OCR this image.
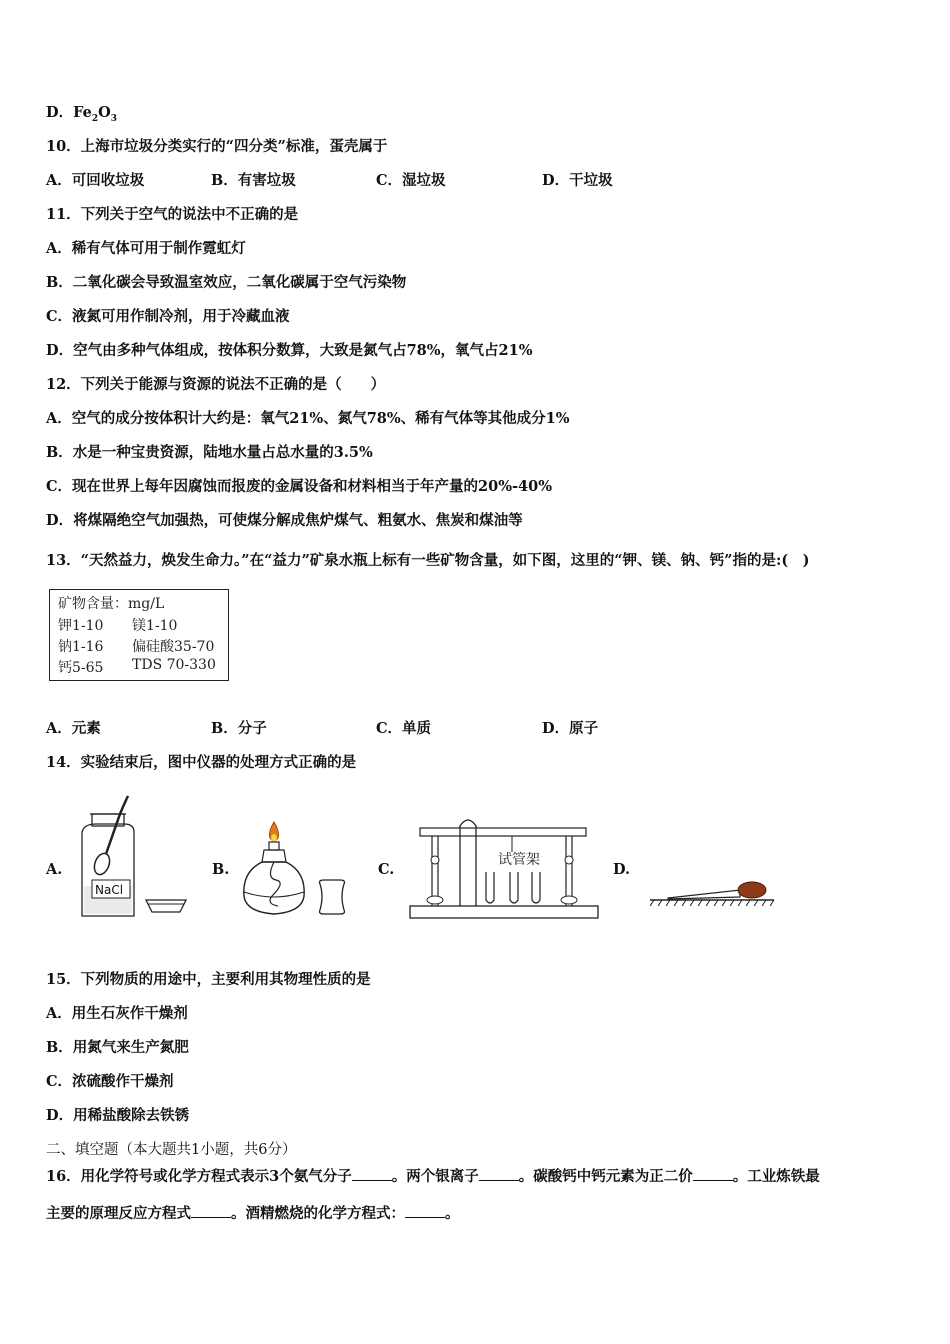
D．$Fe_2O_3$
10．上海市垃圾分类实行的“四分类”标准，蛋壳属于
A．可回收垃圾	B．有害垃圾	C．湿垃圾	D．干垃圾
11．下列关于空气的说法中不正确的是
A．稀有气体可用于制作霓虹灯
B．二氧化碳会导致温室效应，二氧化碳属于空气污染物
C．液氮可用作制冷剂，用于冷藏血液
D．空气由多种气体组成，按体积分数算，大致是氮气占78%，氧气占21%
12．下列关于能源与资源的说法不正确的是（　　）
A．空气的成分按体积计大约是：氧气21%、氮气78%、稀有气体等其他成分1%
B．水是一种宝贵资源，陆地水量占总水量的3.5%
C．现在世界上每年因腐蚀而报废的金属设备和材料相当于年产量的20%-40%
D．将煤隔绝空气加强热，可使煤分解成焦炉煤气、粗氨水、焦炭和煤油等
13．“天然益力，焕发生命力。”在“益力”矿泉水瓶上标有一些矿物含量，如下图，这里的“钾、镁、钠、钙”指的是:(　)
矿物含量：mg/L
钾1-10 镁1-10
钠1-16 偏硅酸35-70
钙5-65 TDS 70-330
A．元素	B．分子	C．单质	D．原子
14．实验结束后，图中仪器的处理方式正确的是
A.
NaCl
B.	C.
试管架
D.
15．下列物质的用途中，主要利用其物理性质的是
A．用生石灰作干燥剂
B．用氮气来生产氮肥
C．浓硫酸作干燥剂
D．用稀盐酸除去铁锈
二、填空题（本大题共1小题，共6分）
16．用化学符号或化学方程式表示3个氨气分子	。两个银离子	。碳酸钙中钙元素为正二价	。工业炼铁最
主要的原理反应方程式	。酒精燃烧的化学方程式：	。
